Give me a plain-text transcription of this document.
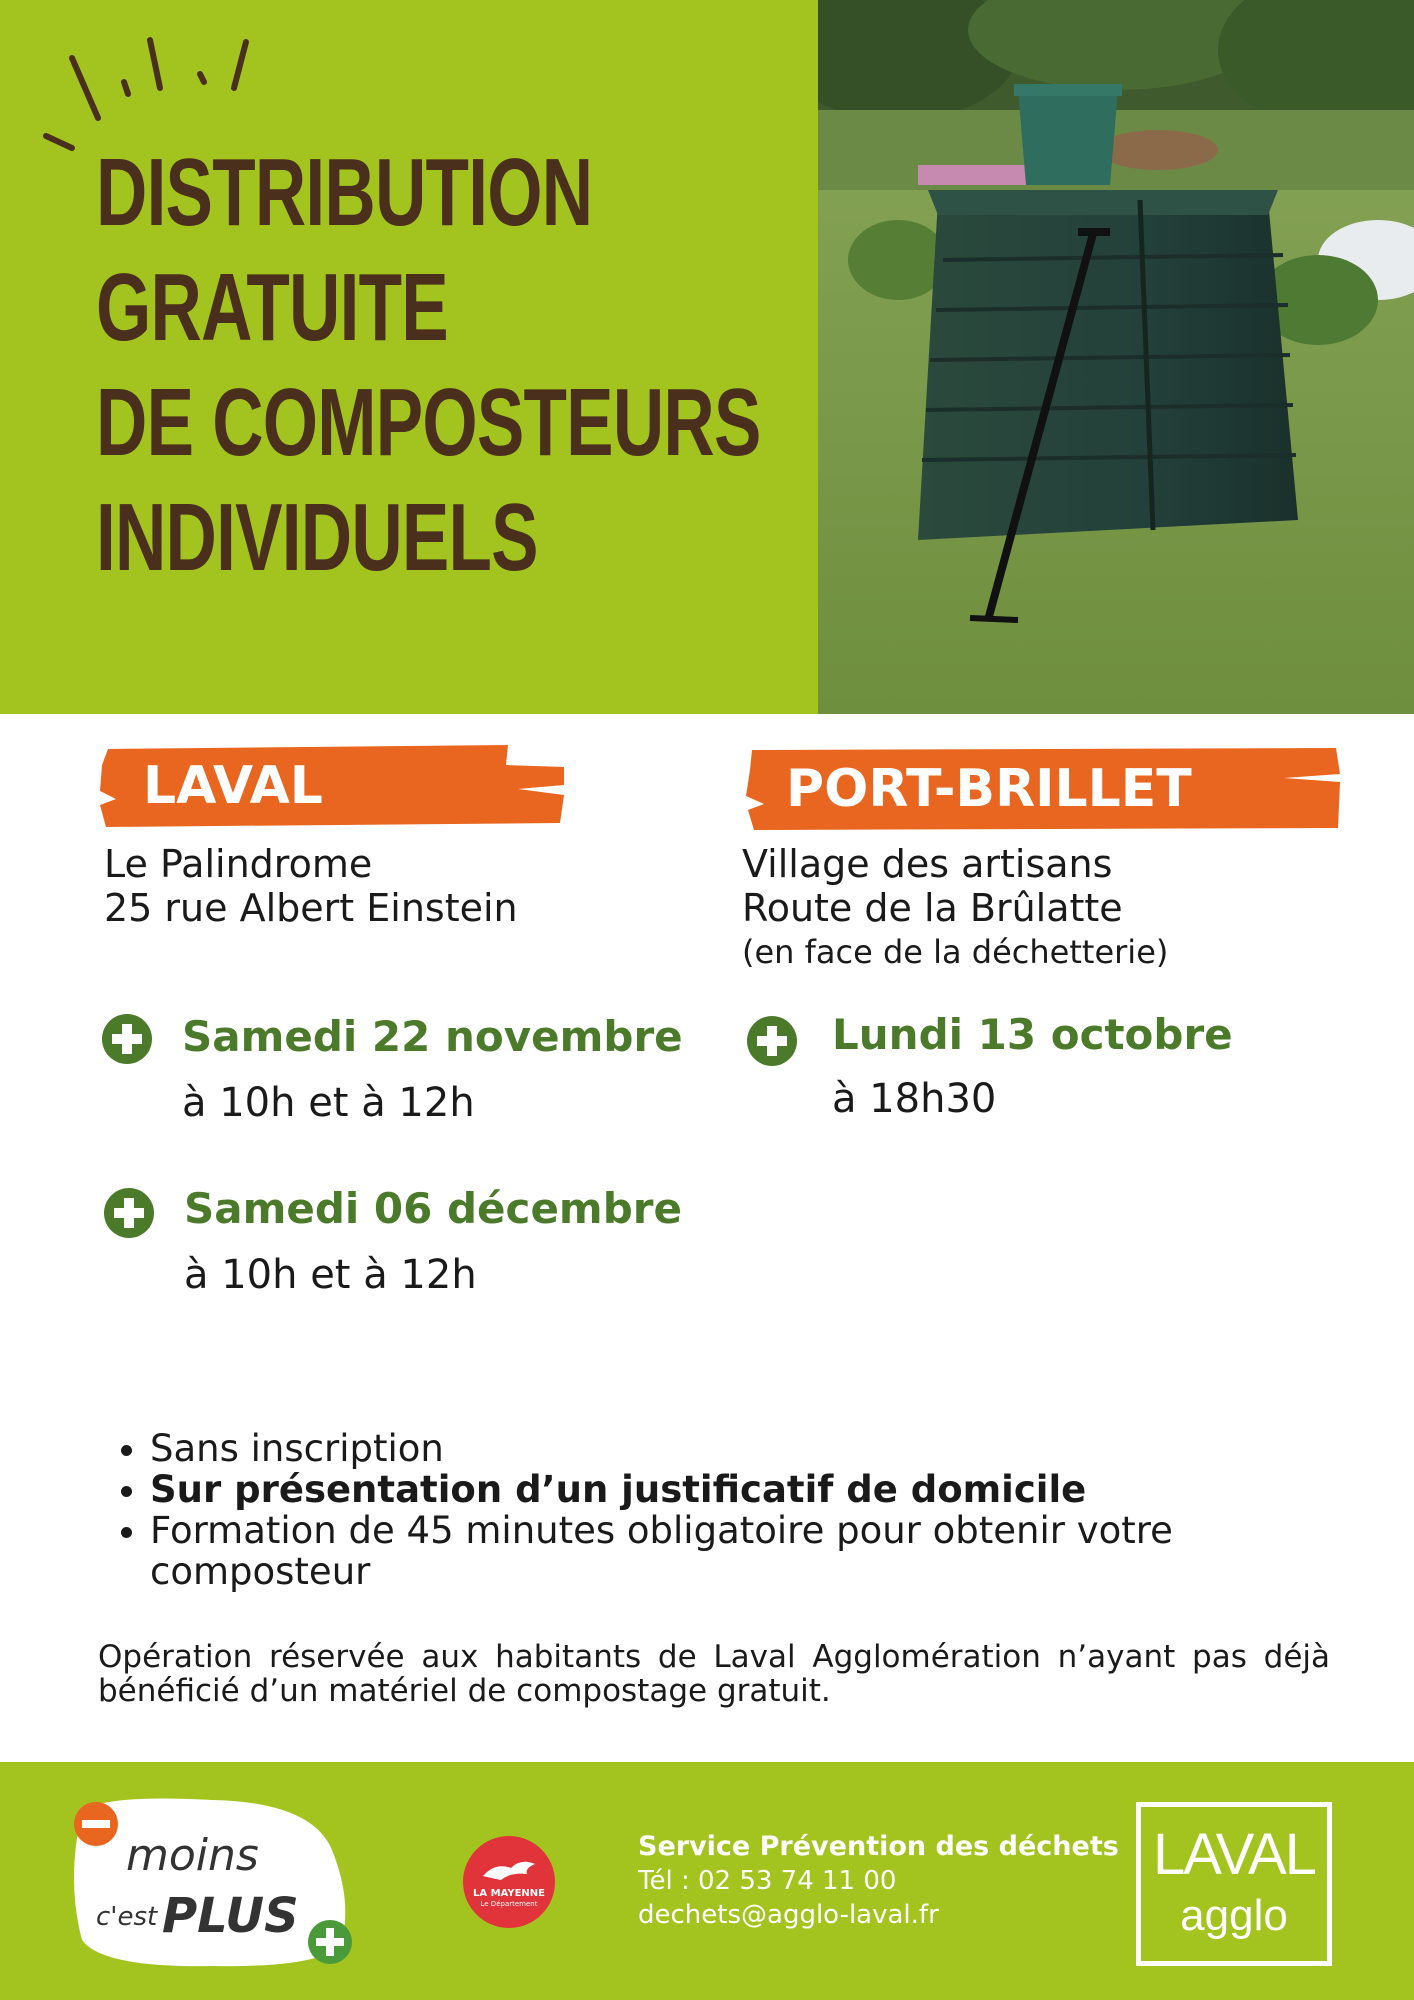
DISTRIBUTION
GRATUITE
DE COMPOSTEURS
INDIVIDUELS
LAVAL
Le Palindrome
25 rue Albert Einstein
Samedi 22 novembre
à 10h et à 12h
Samedi 06 décembre
à 10h et à 12h
PORT-BRILLET
Village des artisans
Route de la Brûlatte
(en face de la déchetterie)
Lundi 13 octobre
à 18h30
• Sans inscription
• Sur présentation d’un justificatif de domicile
• Formation de 45 minutes obligatoire pour obtenir votre composteur
Opération réservée aux habitants de Laval Agglomération n’ayant pas déjà bénéficié d’un matériel de compostage gratuit.
moins
c'est PLUS	LA MAYENNE
Le Département
Service Prévention des déchets
Tél : 02 53 74 11 00
dechets@agglo-laval.fr
LAVAL
agglo
